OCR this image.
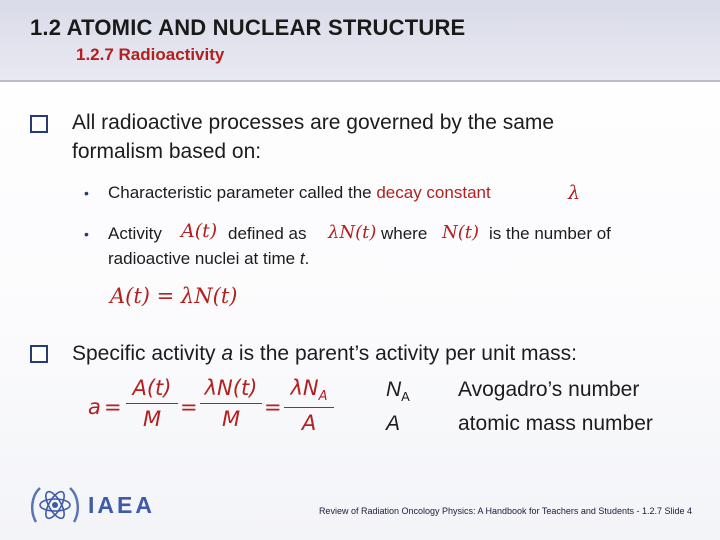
1.2 ATOMIC AND NUCLEAR STRUCTURE
1.2.7 Radioactivity
All radioactive processes are governed by the same
formalism based on:
• Characteristic parameter called the decay constant	λ
• Activity A(t) defined as λN(t) where N(t) is the number of
radioactive nuclei at time t.
A(t) = λN(t)
Specific activity a is the parent’s activity per unit mass:
a =
A(t)
M =
λN(t)
M	=
$\lambda N_A$
A
$N_A$ Avogadro’s number
A	atomic mass number
IAEA	Review of Radiation Oncology Physics: A Handbook for Teachers and Students - 1.2.7 Slide 4
